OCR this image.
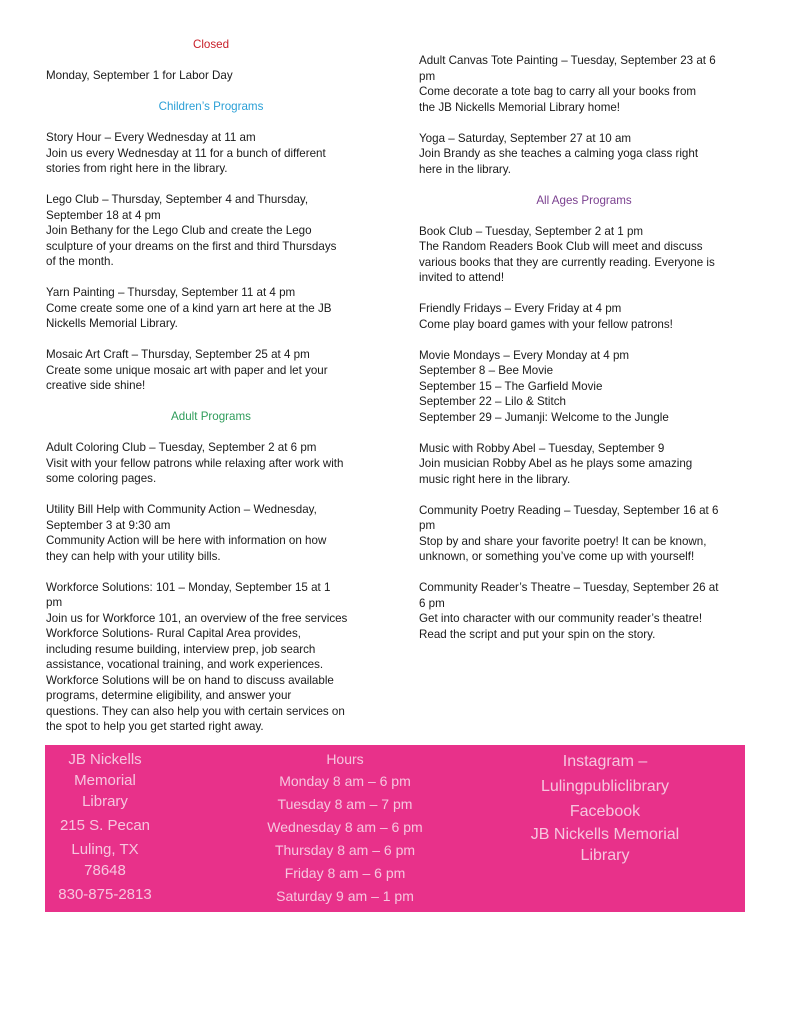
Closed
Monday, September 1 for Labor Day
Children’s Programs
Story Hour – Every Wednesday at 11 am
Join us every Wednesday at 11 for a bunch of different
stories from right here in the library.
Lego Club – Thursday, September 4 and Thursday,
September 18 at 4 pm
Join Bethany for the Lego Club and create the Lego
sculpture of your dreams on the first and third Thursdays
of the month.
Yarn Painting – Thursday, September 11 at 4 pm
Come create some one of a kind yarn art here at the JB
Nickells Memorial Library.
Mosaic Art Craft – Thursday, September 25 at 4 pm
Create some unique mosaic art with paper and let your
creative side shine!
Adult Programs
Adult Coloring Club – Tuesday, September 2 at 6 pm
Visit with your fellow patrons while relaxing after work with
some coloring pages.
Utility Bill Help with Community Action – Wednesday,
September 3 at 9:30 am
Community Action will be here with information on how
they can help with your utility bills.
Workforce Solutions: 101 – Monday, September 15 at 1
pm
Join us for Workforce 101, an overview of the free services
Workforce Solutions- Rural Capital Area provides,
including resume building, interview prep, job search
assistance, vocational training, and work experiences.
Workforce Solutions will be on hand to discuss available
programs, determine eligibility, and answer your
questions. They can also help you with certain services on
the spot to help you get started right away.
Adult Canvas Tote Painting – Tuesday, September 23 at 6
pm
Come decorate a tote bag to carry all your books from
the JB Nickells Memorial Library home!
Yoga – Saturday, September 27 at 10 am
Join Brandy as she teaches a calming yoga class right
here in the library.
All Ages Programs
Book Club – Tuesday, September 2 at 1 pm
The Random Readers Book Club will meet and discuss
various books that they are currently reading. Everyone is
invited to attend!
Friendly Fridays – Every Friday at 4 pm
Come play board games with your fellow patrons!
Movie Mondays – Every Monday at 4 pm
September 8 – Bee Movie
September 15 – The Garfield Movie
September 22 – Lilo & Stitch
September 29 – Jumanji: Welcome to the Jungle
Music with Robby Abel – Tuesday, September 9
Join musician Robby Abel as he plays some amazing
music right here in the library.
Community Poetry Reading – Tuesday, September 16 at 6
pm
Stop by and share your favorite poetry! It can be known,
unknown, or something you’ve come up with yourself!
Community Reader’s Theatre – Tuesday, September 26 at
6 pm
Get into character with our community reader’s theatre!
Read the script and put your spin on the story.
JB Nickells
Memorial
Library
215 S. Pecan
Luling, TX
78648
830-875-2813
Hours
Monday 8 am – 6 pm
Tuesday 8 am – 7 pm
Wednesday 8 am – 6 pm
Thursday 8 am – 6 pm
Friday 8 am – 6 pm
Saturday 9 am – 1 pm
Instagram –
Lulingpubliclibrary
Facebook
JB Nickells Memorial
Library
